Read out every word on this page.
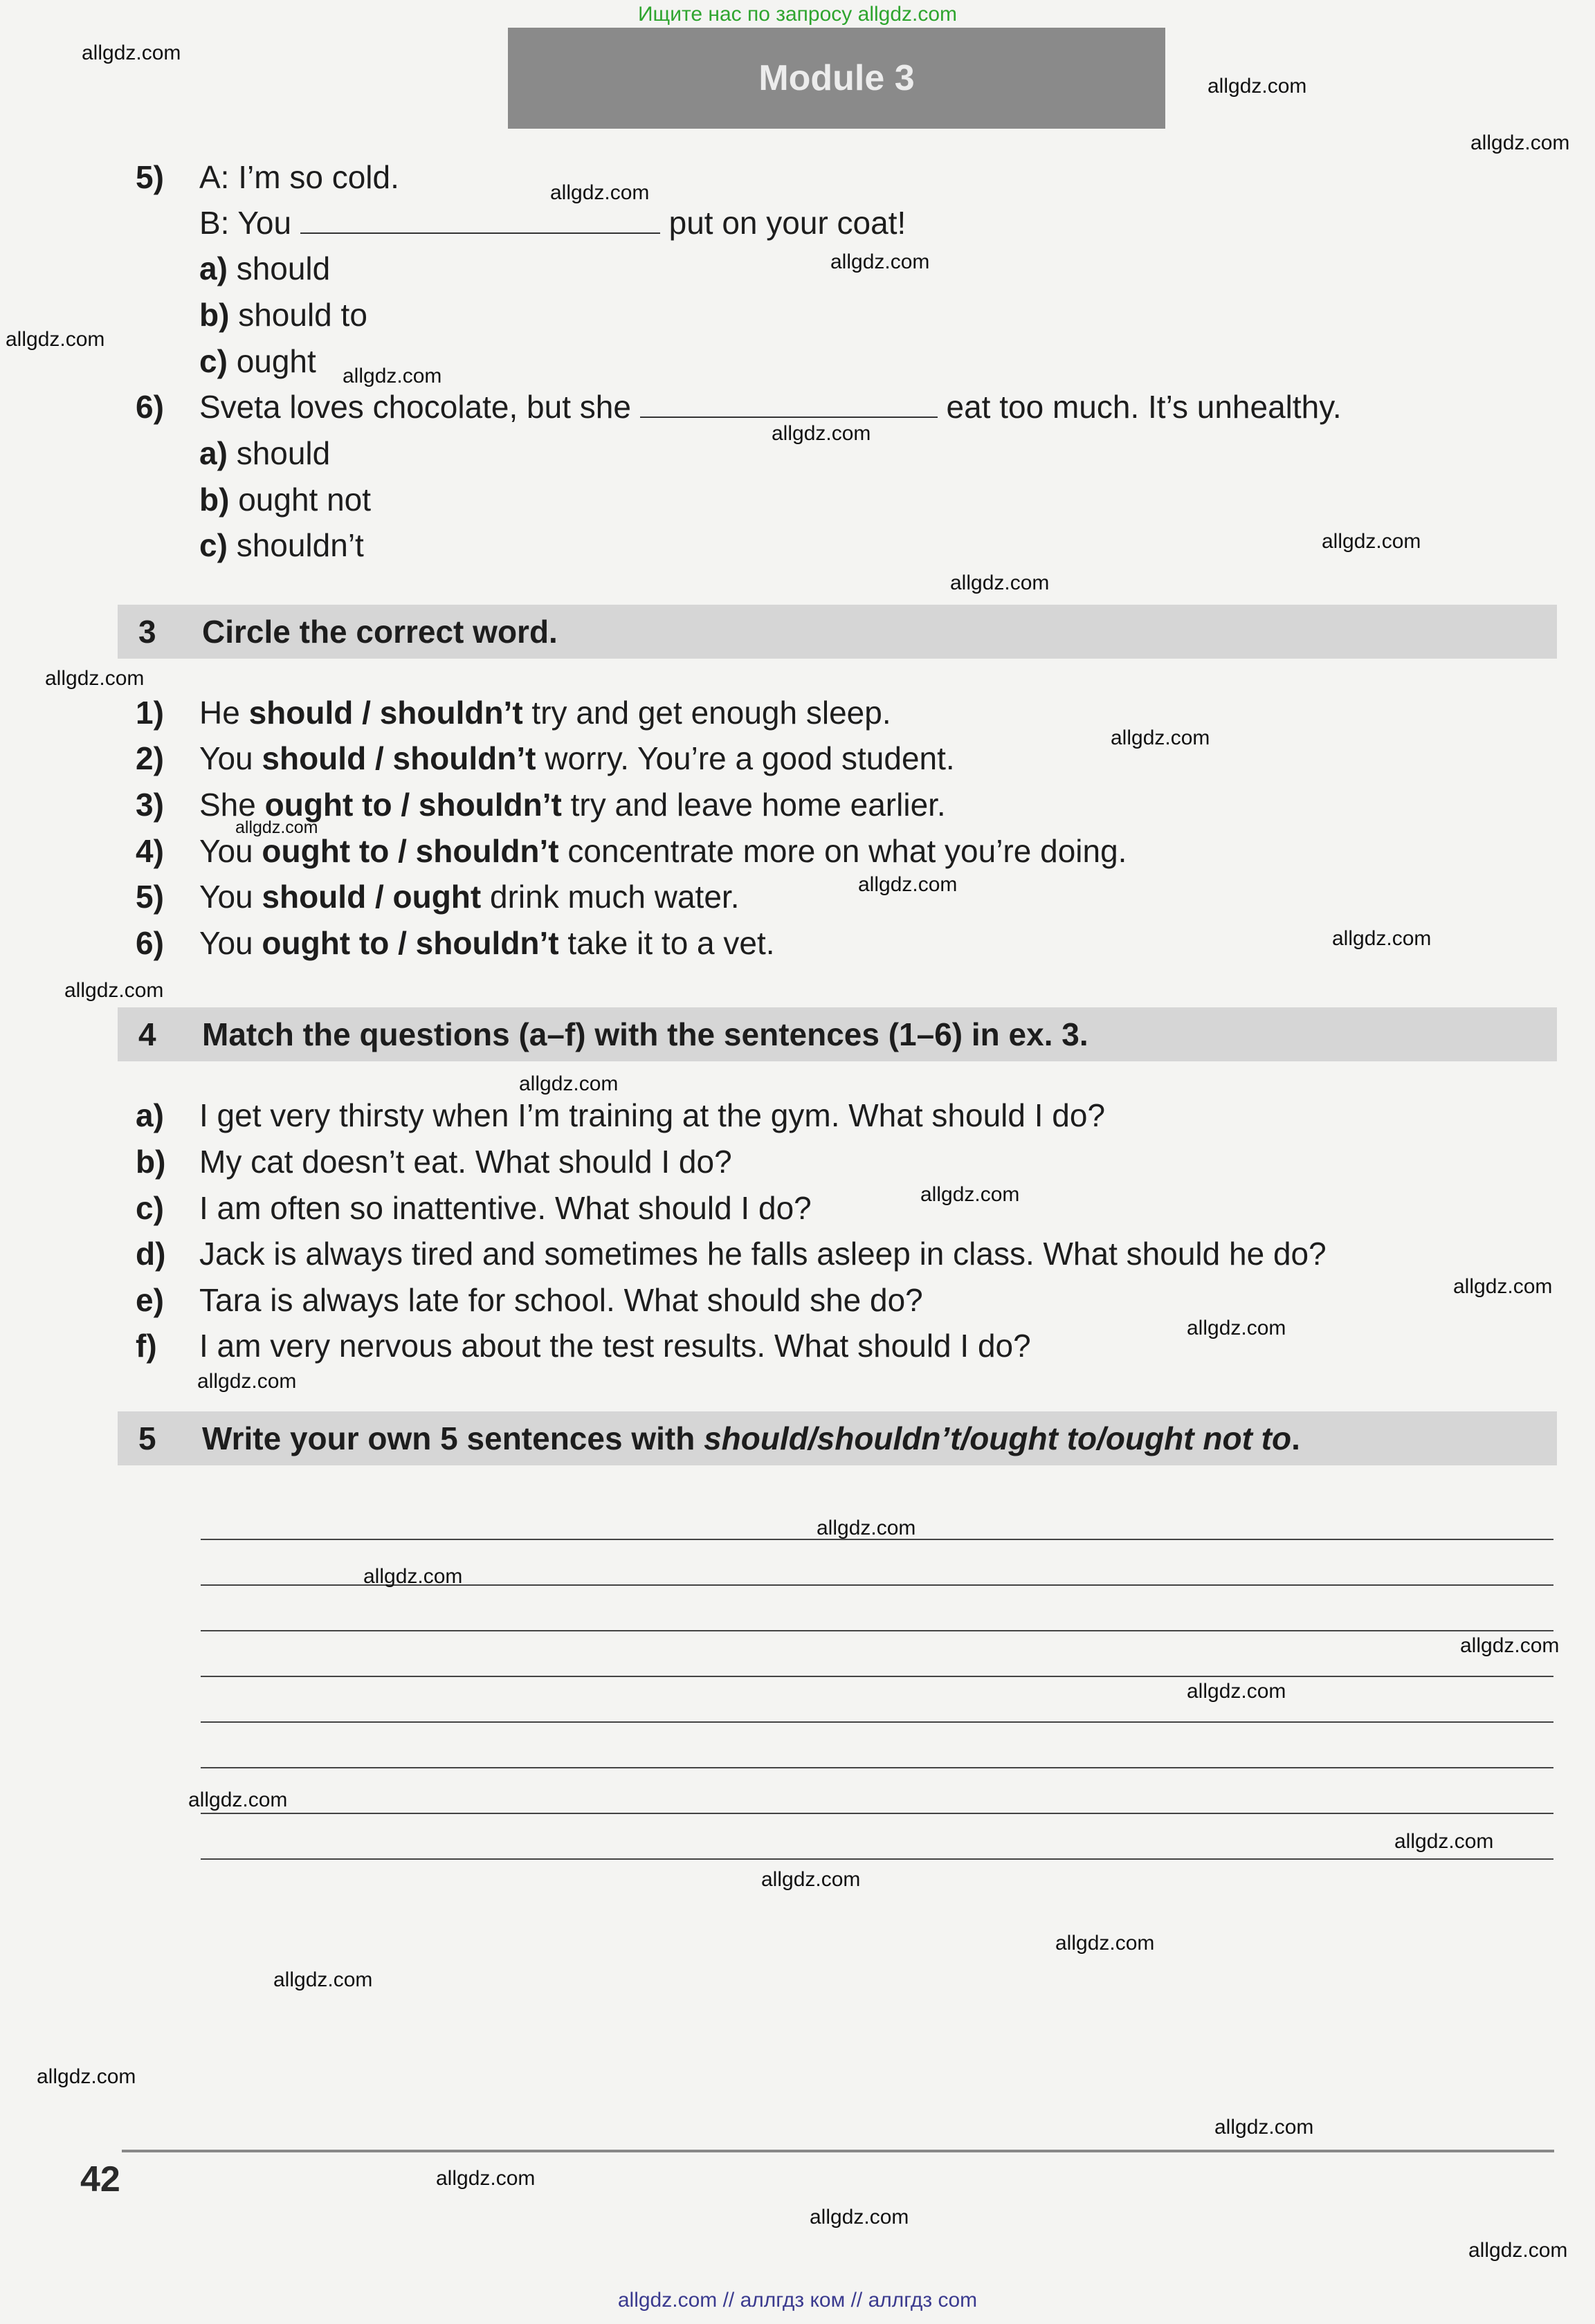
Ищите нас по запросу allgdz.com
Module 3
5) A: I’m so cold.
B: You	put on your coat!
a) should
b) should to
c) ought
6) Sveta loves chocolate, but she	eat too much. It’s unhealthy.
a) should
b) ought not
c) shouldn’t
3 Circle the correct word.
1) He should / shouldn’t try and get enough sleep.
2) You should / shouldn’t worry. You’re a good student.
3) She ought to / shouldn’t try and leave home earlier.
4) You ought to / shouldn’t concentrate more on what you’re doing.
5) You should / ought drink much water.
6) You ought to / shouldn’t take it to a vet.
4 Match the questions (a–f) with the sentences (1–6) in ex. 3.
a) I get very thirsty when I’m training at the gym. What should I do?
b) My cat doesn’t eat. What should I do?
c) I am often so inattentive. What should I do?
d) Jack is always tired and sometimes he falls asleep in class. What should he do?
e) Tara is always late for school. What should she do?
f) I am very nervous about the test results. What should I do?
5 Write your own 5 sentences with should/shouldn’t/ought to/ought not to.
42
allgdz.com
allgdz.com
allgdz.com
allgdz.com
allgdz.com
allgdz.com
allgdz.com
allgdz.com
allgdz.com
allgdz.com
allgdz.com
allgdz.com
allgdz.com
allgdz.com
allgdz.com
allgdz.com
allgdz.com
allgdz.com
allgdz.com
allgdz.com
allgdz.com
allgdz.com
allgdz.com
allgdz.com
allgdz.com
allgdz.com
allgdz.com
allgdz.com
allgdz.com
allgdz.com
allgdz.com
allgdz.com
allgdz.com
allgdz.com
allgdz.com
allgdz.com // аллгдз ком // аллгдз com
